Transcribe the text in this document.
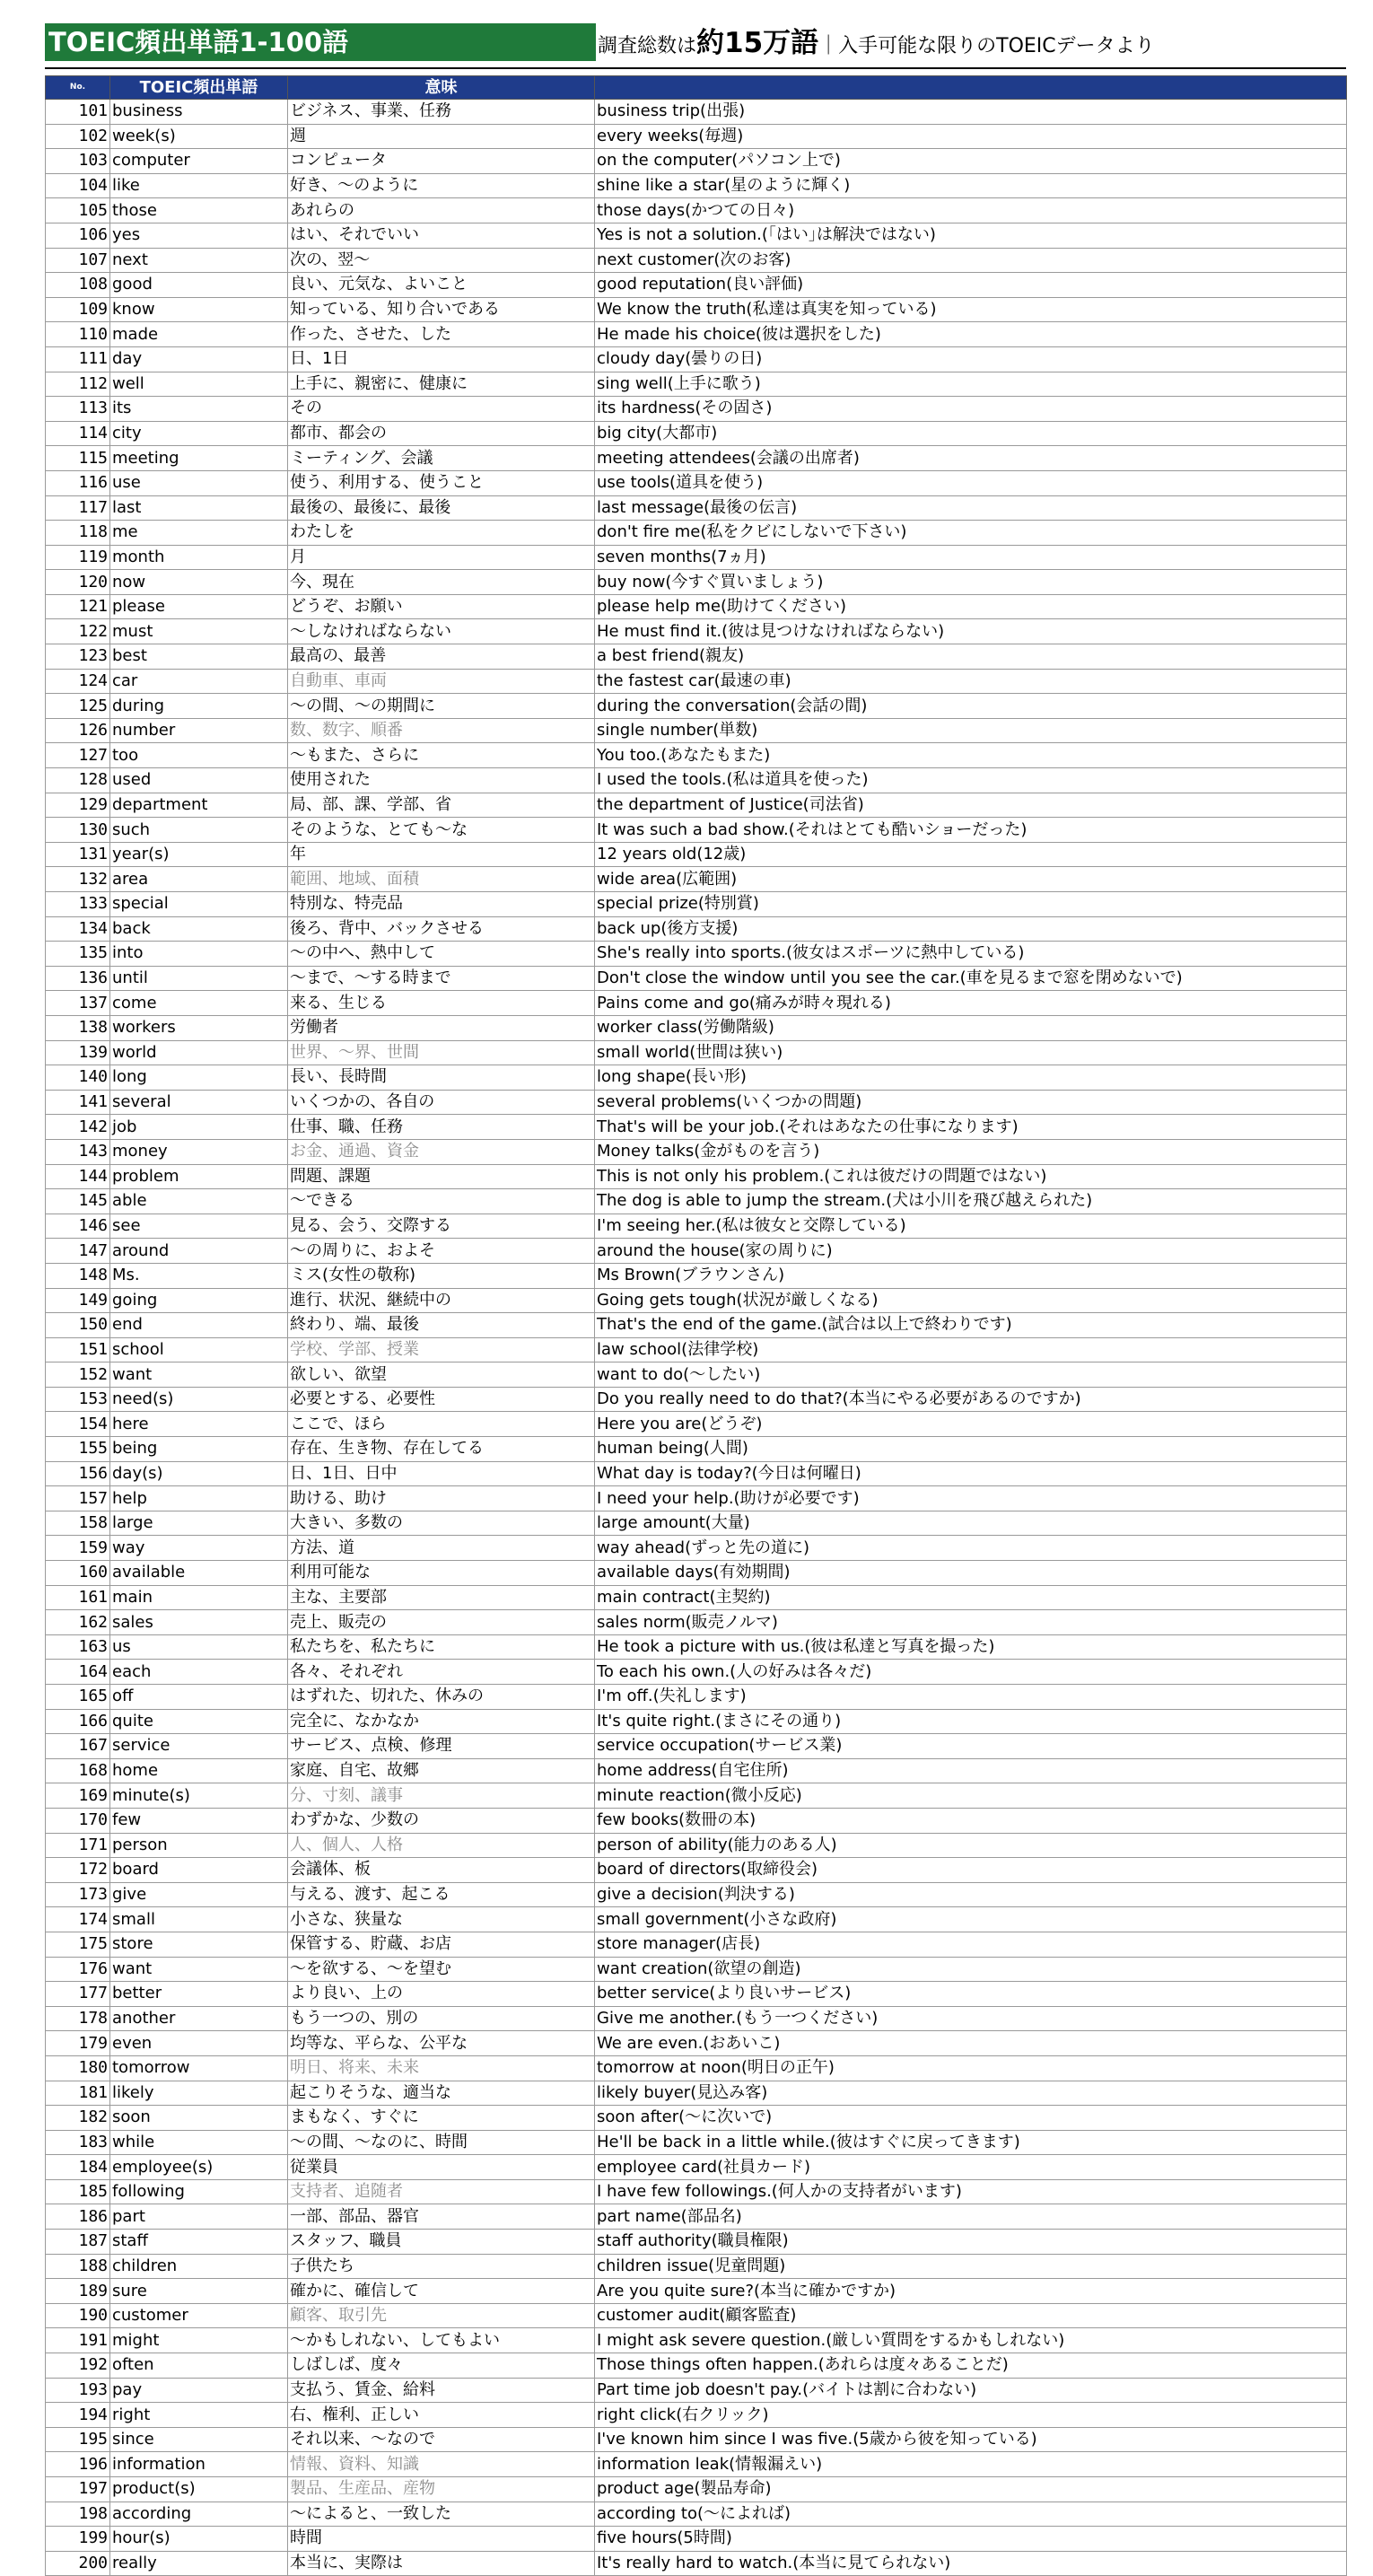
TOEIC頻出単語1-100語	調査総数は約15万語｜入手可能な限りのTOEICデータより
No.	TOEIC頻出単語	意味	
101	business	ビジネス、事業、任務	business trip(出張)
102	week(s)	週	every weeks(毎週)
103	computer	コンピュータ	on the computer(パソコン上で)
104	like	好き、～のように	shine like a star(星のように輝く)
105	those	あれらの	those days(かつての日々)
106	yes	はい、それでいい	Yes is not a solution.(｢はい｣は解決ではない)
107	next	次の、翌～	next customer(次のお客)
108	good	良い、元気な、よいこと	good reputation(良い評価)
109	know	知っている、知り合いである	We know the truth(私達は真実を知っている)
110	made	作った、させた、した	He made his choice(彼は選択をした)
111	day	日、1日	cloudy day(曇りの日)
112	well	上手に、親密に、健康に	sing well(上手に歌う)
113	its	その	its hardness(その固さ)
114	city	都市、都会の	big city(大都市)
115	meeting	ミーティング、会議	meeting attendees(会議の出席者)
116	use	使う、利用する、使うこと	use tools(道具を使う)
117	last	最後の、最後に、最後	last message(最後の伝言)
118	me	わたしを	don't fire me(私をクビにしないで下さい)
119	month	月	seven months(7ヵ月)
120	now	今、現在	buy now(今すぐ買いましょう)
121	please	どうぞ、お願い	please help me(助けてください)
122	must	～しなければならない	He must find it.(彼は見つけなければならない)
123	best	最高の、最善	a best friend(親友)
124	car	自動車、車両	the fastest car(最速の車)
125	during	～の間、～の期間に	during the conversation(会話の間)
126	number	数、数字、順番	single number(単数)
127	too	～もまた、さらに	You too.(あなたもまた)
128	used	使用された	I used the tools.(私は道具を使った)
129	department	局、部、課、学部、省	the department of Justice(司法省)
130	such	そのような、とても～な	It was such a bad show.(それはとても酷いショーだった)
131	year(s)	年	12 years old(12歳)
132	area	範囲、地域、面積	wide area(広範囲)
133	special	特別な、特売品	special prize(特別賞)
134	back	後ろ、背中、バックさせる	back up(後方支援)
135	into	～の中へ、熱中して	She's really into sports.(彼女はスポーツに熱中している)
136	until	～まで、～する時まで	Don't close the window until you see the car.(車を見るまで窓を閉めないで)
137	come	来る、生じる	Pains come and go(痛みが時々現れる)
138	workers	労働者	worker class(労働階級)
139	world	世界、～界、世間	small world(世間は狭い)
140	long	長い、長時間	long shape(長い形)
141	several	いくつかの、各自の	several problems(いくつかの問題)
142	job	仕事、職、任務	That's will be your job.(それはあなたの仕事になります)
143	money	お金、通過、資金	Money talks(金がものを言う)
144	problem	問題、課題	This is not only his problem.(これは彼だけの問題ではない)
145	able	～できる	The dog is able to jump the stream.(犬は小川を飛び越えられた)
146	see	見る、会う、交際する	I'm seeing her.(私は彼女と交際している)
147	around	～の周りに、およそ	around the house(家の周りに)
148	Ms.	ミス(女性の敬称)	Ms Brown(ブラウンさん)
149	going	進行、状況、継続中の	Going gets tough(状況が厳しくなる)
150	end	終わり、端、最後	That's the end of the game.(試合は以上で終わりです)
151	school	学校、学部、授業	law school(法律学校)
152	want	欲しい、欲望	want to do(～したい)
153	need(s)	必要とする、必要性	Do you really need to do that?(本当にやる必要があるのですか)
154	here	ここで、ほら	Here you are(どうぞ)
155	being	存在、生き物、存在してる	human being(人間)
156	day(s)	日、1日、日中	What day is today?(今日は何曜日)
157	help	助ける、助け	I need your help.(助けが必要です)
158	large	大きい、多数の	large amount(大量)
159	way	方法、道	way ahead(ずっと先の道に)
160	available	利用可能な	available days(有効期間)
161	main	主な、主要部	main contract(主契約)
162	sales	売上、販売の	sales norm(販売ノルマ)
163	us	私たちを、私たちに	He took a picture with us.(彼は私達と写真を撮った)
164	each	各々、それぞれ	To each his own.(人の好みは各々だ)
165	off	はずれた、切れた、休みの	I'm off.(失礼します)
166	quite	完全に、なかなか	It's quite right.(まさにその通り)
167	service	サービス、点検、修理	service occupation(サービス業)
168	home	家庭、自宅、故郷	home address(自宅住所)
169	minute(s)	分、寸刻、議事	minute reaction(微小反応)
170	few	わずかな、少数の	few books(数冊の本)
171	person	人、個人、人格	person of ability(能力のある人)
172	board	会議体、板	board of directors(取締役会)
173	give	与える、渡す、起こる	give a decision(判決する)
174	small	小さな、狭量な	small government(小さな政府)
175	store	保管する、貯蔵、お店	store manager(店長)
176	want	～を欲する、～を望む	want creation(欲望の創造)
177	better	より良い、上の	better service(より良いサービス)
178	another	もう一つの、別の	Give me another.(もう一つください)
179	even	均等な、平らな、公平な	We are even.(おあいこ)
180	tomorrow	明日、将来、未来	tomorrow at noon(明日の正午)
181	likely	起こりそうな、適当な	likely buyer(見込み客)
182	soon	まもなく、すぐに	soon after(～に次いで)
183	while	～の間、～なのに、時間	He'll be back in a little while.(彼はすぐに戻ってきます)
184	employee(s)	従業員	employee card(社員カード)
185	following	支持者、追随者	I have few followings.(何人かの支持者がいます)
186	part	一部、部品、器官	part name(部品名)
187	staff	スタッフ、職員	staff authority(職員権限)
188	children	子供たち	children issue(児童問題)
189	sure	確かに、確信して	Are you quite sure?(本当に確かですか)
190	customer	顧客、取引先	customer audit(顧客監査)
191	might	～かもしれない、してもよい	I might ask severe question.(厳しい質問をするかもしれない)
192	often	しばしば、度々	Those things often happen.(あれらは度々あることだ)
193	pay	支払う、賃金、給料	Part time job doesn't pay.(バイトは割に合わない)
194	right	右、権利、正しい	right click(右クリック)
195	since	それ以来、～なので	I've known him since I was five.(5歳から彼を知っている)
196	information	情報、資料、知識	information leak(情報漏えい)
197	product(s)	製品、生産品、産物	product age(製品寿命)
198	according	～によると、一致した	according to(～によれば)
199	hour(s)	時間	five hours(5時間)
200	really	本当に、実際は	It's really hard to watch.(本当に見てられない)
